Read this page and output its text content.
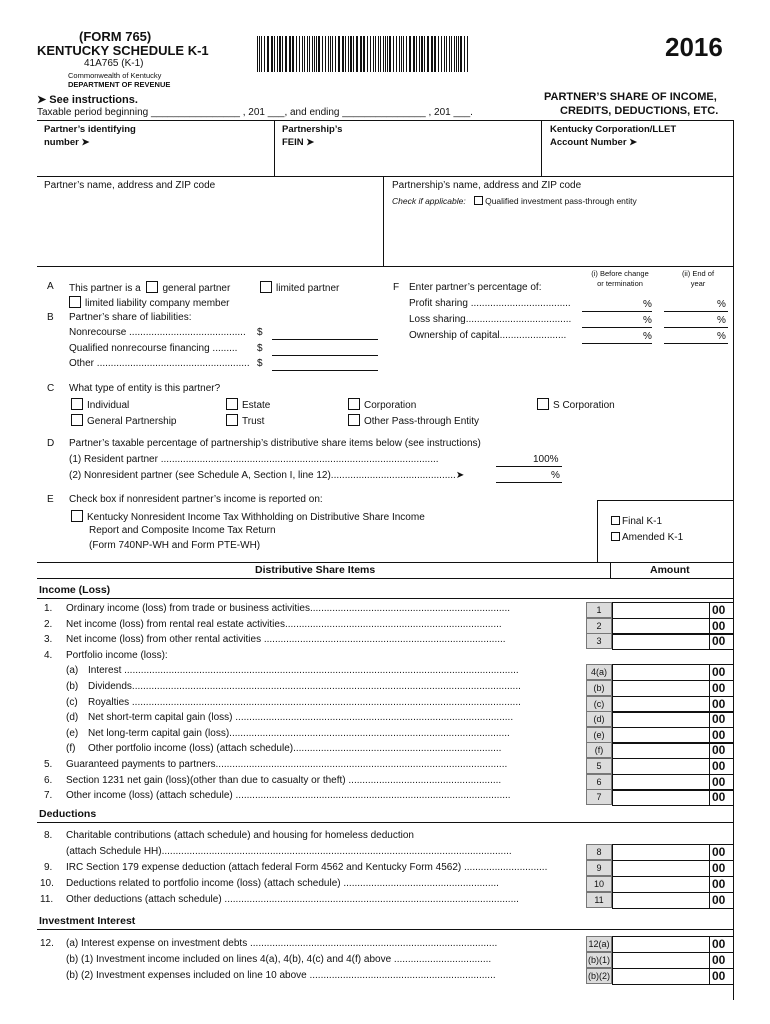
(FORM 765)
KENTUCKY SCHEDULE K-1
41A765 (K-1)
Commonwealth of Kentucky
DEPARTMENT OF REVENUE
2016
➤ See instructions.
Taxable period beginning ________________ , 201 ___, and ending _______________ , 201 ___.
PARTNER’S SHARE OF INCOME,
CREDITS, DEDUCTIONS, ETC.
Partner’s identifying
number ➤
Partnership’s
FEIN ➤
Kentucky Corporation/LLET
Account Number ➤
Partner’s name, address and ZIP code	Partnership’s name, address and ZIP code
Check if applicable: Qualified investment pass-through entity
A This partner is a general partner	limited partner
limited liability company member
B Partner’s share of liabilities:
Nonrecourse .......................................... $
Qualified nonrecourse financing ......... $
Other ....................................................... $
(i) Before change
or termination
(ii) End of
year
F Enter partner’s percentage of:
Profit sharing ....................................	%	%
Loss sharing......................................	%	%
Ownership of capital........................	%	%
C What type of entity is this partner?
Individual	Estate	Corporation	S Corporation
General Partnership	Trust	Other Pass-through Entity
D Partner’s taxable percentage of partnership’s distributive share items below (see instructions)
(1) Resident partner ....................................................................................................	100%
(2) Nonresident partner (see Schedule A, Section I, line 12).............................................➤	%
E Check box if nonresident partner’s income is reported on:
Kentucky Nonresident Income Tax Withholding on Distributive Share Income
Report and Composite Income Tax Return
(Form 740NP-WH and Form PTE-WH)
Final K-1
Amended K-1
Distributive Share Items	Amount
Income (Loss)
1. Ordinary income (loss) from trade or business activities........................................................................	1	00
2. Net income (loss) from rental real estate activities..............................................................................	2	00
3. Net income (loss) from other rental activities .......................................................................................	3	00
4. Portfolio income (loss):
(a) Interest ..............................................................................................................................................	4(a)	00
(b) Dividends............................................................................................................................................	(b)	00
(c) Royalties ............................................................................................................................................	(c)	00
(d) Net short-term capital gain (loss) ....................................................................................................	(d)	00
(e) Net long-term capital gain (loss).....................................................................................................	(e)	00
(f) Other portfolio income (loss) (attach schedule)...........................................................................	(f)	00
5. Guaranteed payments to partners.........................................................................................................	5	00
6. Section 1231 net gain (loss)(other than due to casualty or theft) .......................................................	6	00
7. Other income (loss) (attach schedule) ...................................................................................................	7	00
Deductions
8. Charitable contributions (attach schedule) and housing for homeless deduction
(attach Schedule HH)..............................................................................................................................	8	00
9. IRC Section 179 expense deduction (attach federal Form 4562 and Kentucky Form 4562) ..............................	9	00
10. Deductions related to portfolio income (loss) (attach schedule) ........................................................	10	00
11. Other deductions (attach schedule) ..........................................................................................................	11	00
Investment Interest
12. (a) Interest expense on investment debts .........................................................................................	12(a)	00
(b) (1) Investment income included on lines 4(a), 4(b), 4(c) and 4(f) above ...................................	(b)(1)	00
(b) (2) Investment expenses included on line 10 above ...................................................................	(b)(2)	00
